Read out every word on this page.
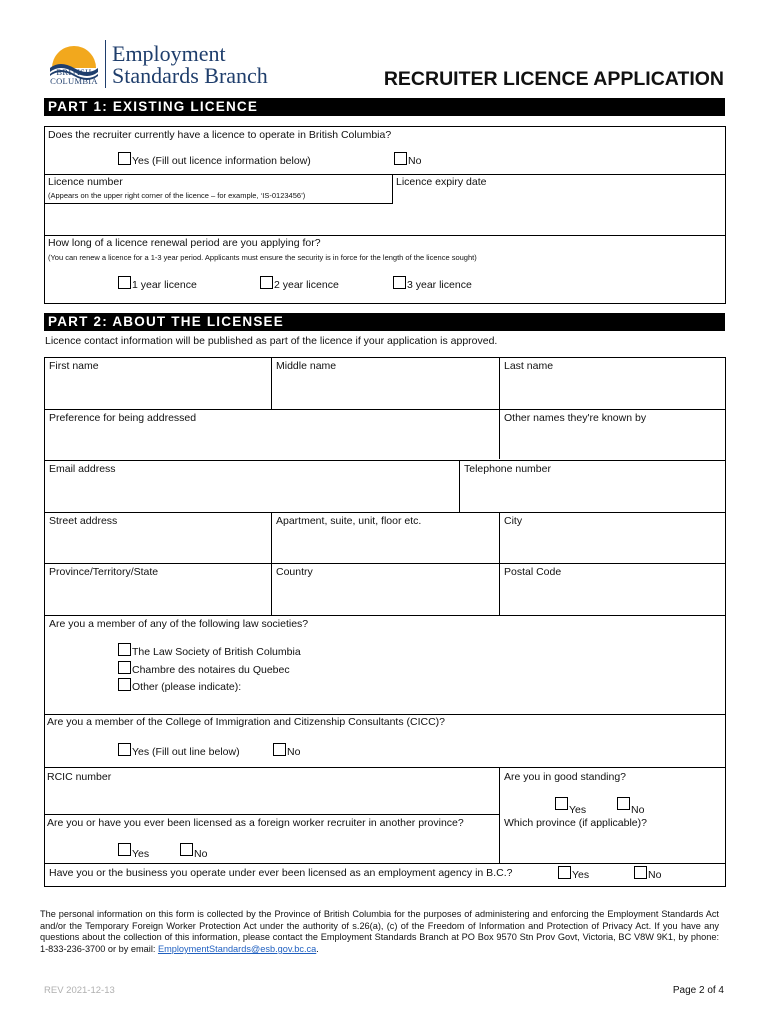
BRITISH
COLUMBIA
Employment
Standards Branch	RECRUITER LICENCE APPLICATION
PART 1: EXISTING LICENCE
Does the recruiter currently have a licence to operate in British Columbia?
Yes (Fill out licence information below)	No
Licence number
(Appears on the upper right corner of the licence – for example, ‘IS-0123456’)
Licence expiry date
How long of a licence renewal period are you applying for?
(You can renew a licence for a 1-3 year period. Applicants must ensure the security is in force for the length of the licence sought)
1 year licence	2 year licence	3 year licence
PART 2: ABOUT THE LICENSEE
Licence contact information will be published as part of the licence if your application is approved.
First name	Middle name	Last name
Preference for being addressed	Other names they're known by
Email address	Telephone number
Street address	Apartment, suite, unit, floor etc.	City
Province/Territory/State	Country	Postal Code
Are you a member of any of the following law societies?
The Law Society of British Columbia
Chambre des notaires du Quebec
Other (please indicate):
Are you a member of the College of Immigration and Citizenship Consultants (CICC)?
Yes (Fill out line below)	No
RCIC number	Are you in good standing?
Yes	No
Are you or have you ever been licensed as a foreign worker recruiter in another province?	Which province (if applicable)?
Yes	No
Have you or the business you operate under ever been licensed as an employment agency in B.C.?	Yes	No
The personal information on this form is collected by the Province of British Columbia for the purposes of administering and enforcing the Employment Standards Act and/or the Temporary Foreign Worker Protection Act under the authority of s.26(a), (c) of the Freedom of Information and Protection of Privacy Act. If you have any questions about the collection of this information, please contact the Employment Standards Branch at PO Box 9570 Stn Prov Govt, Victoria, BC V8W 9K1, by phone: 1-833-236-3700 or by email: EmploymentStandards@esb.gov.bc.ca.
REV 2021-12-13	Page 2 of 4
